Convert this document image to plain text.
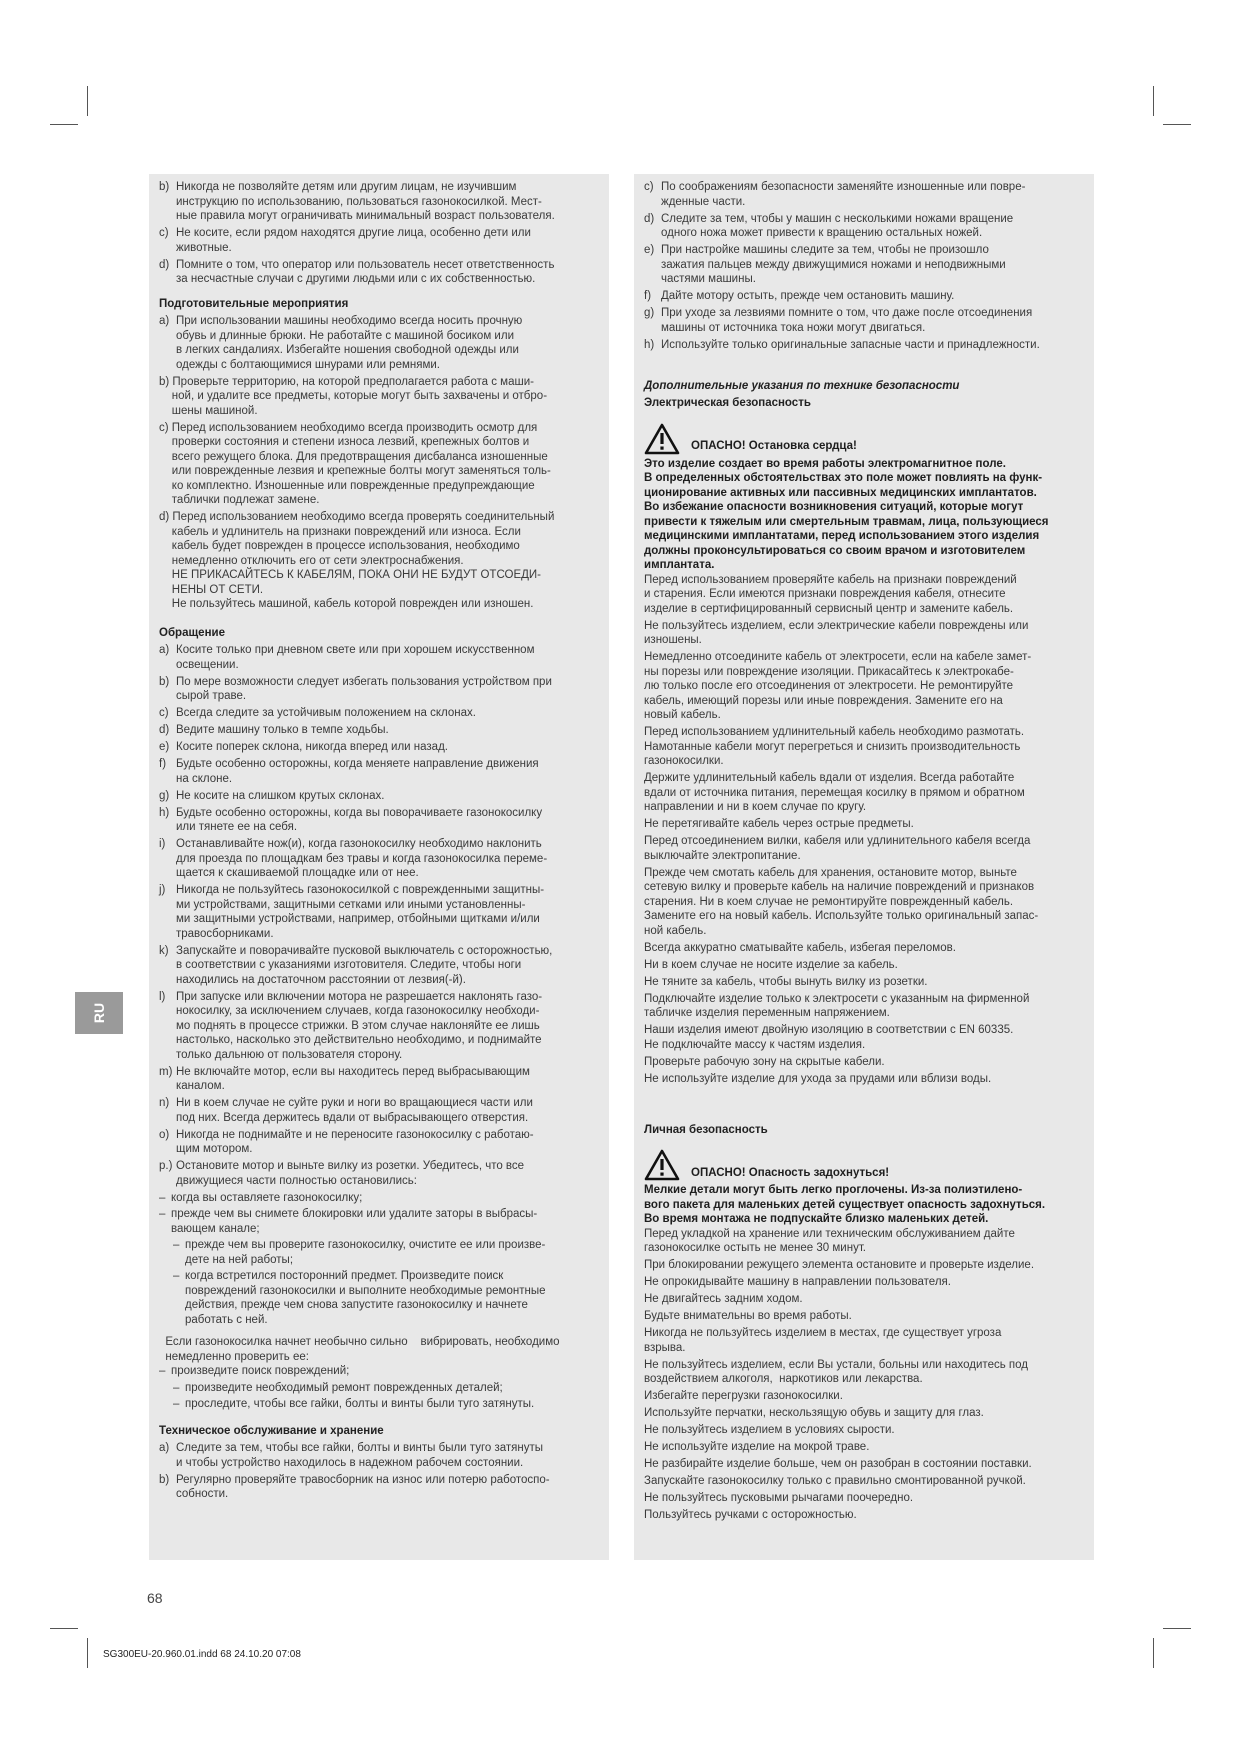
RU
b) Никогда не позволяйте детям или другим лицам, не изучившим
инструкцию по использованию, пользоваться газонокосилкой. Мест-
ные правила могут ограничивать минимальный возраст пользователя.
c) Не косите, если рядом находятся другие лица, особенно дети или
животные.
d) Помните о том, что оператор или пользователь несет ответственность
за несчастные случаи с другими людьми или с их собственностью.
Подготовительные мероприятия
a) При использовании машины необходимо всегда носить прочную
обувь и длинные брюки. Не работайте с машиной босиком или
в легких сандалиях. Избегайте ношения свободной одежды или
одежды с болтающимися шнурами или ремнями.
b) Проверьте территорию, на которой предполагается работа с маши-
ной, и удалите все предметы, которые могут быть захвачены и отбро-
шены машиной.
c) Перед использованием необходимо всегда производить осмотр для
проверки состояния и степени износа лезвий, крепежных болтов и
всего режущего блока. Для предотвращения дисбаланса изношенные
или поврежденные лезвия и крепежные болты могут заменяться толь-
ко комплектно. Изношенные или поврежденные предупреждающие
таблички подлежат замене.
d) Перед использованием необходимо всегда проверять соединительный
кабель и удлинитель на признаки повреждений или износа. Если
кабель будет поврежден в процессе использования, необходимо
немедленно отключить его от сети электроснабжения.
НЕ ПРИКАСАЙТЕСЬ К КАБЕЛЯМ, ПОКА ОНИ НЕ БУДУТ ОТСОЕДИ-
НЕНЫ ОТ СЕТИ.
Не пользуйтесь машиной, кабель которой поврежден или изношен.
Обращение
a) Косите только при дневном свете или при хорошем искусственном
освещении.
b) По мере возможности следует избегать пользования устройством при
сырой траве.
c) Всегда следите за устойчивым положением на склонах.
d) Ведите машину только в темпе ходьбы.
e) Косите поперек склона, никогда вперед или назад.
f) Будьте особенно осторожны, когда меняете направление движения
на склоне.
g) Не косите на слишком крутых склонах.
h) Будьте особенно осторожны, когда вы поворачиваете газонокосилку
или тянете ее на себя.
i) Останавливайте нож(и), когда газонокосилку необходимо наклонить
для проезда по площадкам без травы и когда газонокосилка переме-
щается к скашиваемой площадке или от нее.
j) Никогда не пользуйтесь газонокосилкой с поврежденными защитны-
ми устройствами, защитными сетками или иными установленны-
ми защитными устройствами, например, отбойными щитками и/или
травосборниками.
k) Запускайте и поворачивайте пусковой выключатель с осторожностью,
в соответствии с указаниями изготовителя. Следите, чтобы ноги
находились на достаточном расстоянии от лезвия(-й).
l) При запуске или включении мотора не разрешается наклонять газо-
нокосилку, за исключением случаев, когда газонокосилку необходи-
мо поднять в процессе стрижки. В этом случае наклоняйте ее лишь
настолько, насколько это действительно необходимо, и поднимайте
только дальнюю от пользователя сторону.
m) Не включайте мотор, если вы находитесь перед выбрасывающим
каналом.
n) Ни в коем случае не суйте руки и ноги во вращающиеся части или
под них. Всегда держитесь вдали от выбрасывающего отверстия.
o) Никогда не поднимайте и не переносите газонокосилку с работаю-
щим мотором.
p.) Остановите мотор и выньте вилку из розетки. Убедитесь, что все
движущиеся части полностью остановились:
– когда вы оставляете газонокосилку;
– прежде чем вы снимете блокировки или удалите заторы в выбрасы-
вающем канале;
– прежде чем вы проверите газонокосилку, очистите ее или произве-
дете на ней работы;
– когда встретился посторонний предмет. Произведите поиск
повреждений газонокосилки и выполните необходимые ремонтные
действия, прежде чем снова запустите газонокосилку и начнете
работать с ней.
Если газонокосилка начнет необычно сильно    вибрировать, необходимо
немедленно проверить ее:
– произведите поиск повреждений;
– произведите необходимый ремонт поврежденных деталей;
– проследите, чтобы все гайки, болты и винты были туго затянуты.
Техническое обслуживание и хранение
a) Следите за тем, чтобы все гайки, болты и винты были туго затянуты
и чтобы устройство находилось в надежном рабочем состоянии.
b) Регулярно проверяйте травосборник на износ или потерю работоспо-
собности.
c) По соображениям безопасности заменяйте изношенные или повре-
жденные части.
d) Следите за тем, чтобы у машин с несколькими ножами вращение
одного ножа может привести к вращению остальных ножей.
e) При настройке машины следите за тем, чтобы не произошло
зажатия пальцев между движущимися ножами и неподвижными
частями машины.
f) Дайте мотору остыть, прежде чем остановить машину.
g) При уходе за лезвиями помните о том, что даже после отсоединения
машины от источника тока ножи могут двигаться.
h) Используйте только оригинальные запасные части и принадлежности.
Дополнительные указания по технике безопасности
Электрическая безопасность
ОПАСНО! Остановка сердца!
Это изделие создает во время работы электромагнитное поле.
В определенных обстоятельствах это поле может повлиять на функ-
ционирование активных или пассивных медицинских имплантатов.
Во избежание опасности возникновения ситуаций, которые могут
привести к тяжелым или смертельным травмам, лица, пользующиеся
медицинскими имплантатами, перед использованием этого изделия
должны проконсультироваться со своим врачом и изготовителем
имплантата.
Перед использованием проверяйте кабель на признаки повреждений
и старения. Если имеются признаки повреждения кабеля, отнесите
изделие в сертифицированный сервисный центр и замените кабель.
Не пользуйтесь изделием, если электрические кабели повреждены или
изношены.
Немедленно отсоедините кабель от электросети, если на кабеле замет-
ны порезы или повреждение изоляции. Прикасайтесь к электрокабе-
лю только после его отсоединения от электросети. Не ремонтируйте
кабель, имеющий порезы или иные повреждения. Замените его на
новый кабель.
Перед использованием удлинительный кабель необходимо размотать.
Намотанные кабели могут перегреться и снизить производительность
газонокосилки.
Держите удлинительный кабель вдали от изделия. Всегда работайте
вдали от источника питания, перемещая косилку в прямом и обратном
направлении и ни в коем случае по кругу.
Не перетягивайте кабель через острые предметы.
Перед отсоединением вилки, кабеля или удлинительного кабеля всегда
выключайте электропитание.
Прежде чем смотать кабель для хранения, остановите мотор, выньте
сетевую вилку и проверьте кабель на наличие повреждений и признаков
старения. Ни в коем случае не ремонтируйте поврежденный кабель.
Замените его на новый кабель. Используйте только оригинальный запас-
ной кабель.
Всегда аккуратно сматывайте кабель, избегая переломов.
Ни в коем случае не носите изделие за кабель.
Не тяните за кабель, чтобы вынуть вилку из розетки.
Подключайте изделие только к электросети с указанным на фирменной
табличке изделия переменным напряжением.
Наши изделия имеют двойную изоляцию в соответствии с EN 60335.
Не подключайте массу к частям изделия.
Проверьте рабочую зону на скрытые кабели.
Не используйте изделие для ухода за прудами или вблизи воды.
Личная безопасность
ОПАСНО! Опасность задохнуться!
Мелкие детали могут быть легко проглочены. Из-за полиэтилено-
вого пакета для маленьких детей существует опасность задохнуться.
Во время монтажа не подпускайте близко маленьких детей.
Перед укладкой на хранение или техническим обслуживанием дайте
газонокосилке остыть не менее 30 минут.
При блокировании режущего элемента остановите и проверьте изделие.
Не опрокидывайте машину в направлении пользователя.
Не двигайтесь задним ходом.
Будьте внимательны во время работы.
Никогда не пользуйтесь изделием в местах, где существует угроза
взрыва.
Не пользуйтесь изделием, если Вы устали, больны или находитесь под
воздействием алкоголя,  наркотиков или лекарства.
Избегайте перегрузки газонокосилки.
Используйте перчатки, нескользящую обувь и защиту для глаз.
Не пользуйтесь изделием в условиях сырости.
Не используйте изделие на мокрой траве.
Не разбирайте изделие больше, чем он разобран в состоянии поставки.
Запускайте газонокосилку только с правильно смонтированной ручкой.
Не пользуйтесь пусковыми рычагами поочередно.
Пользуйтесь ручками с осторожностью.
68
SG300EU-20.960.01.indd 68 24.10.20 07:08
